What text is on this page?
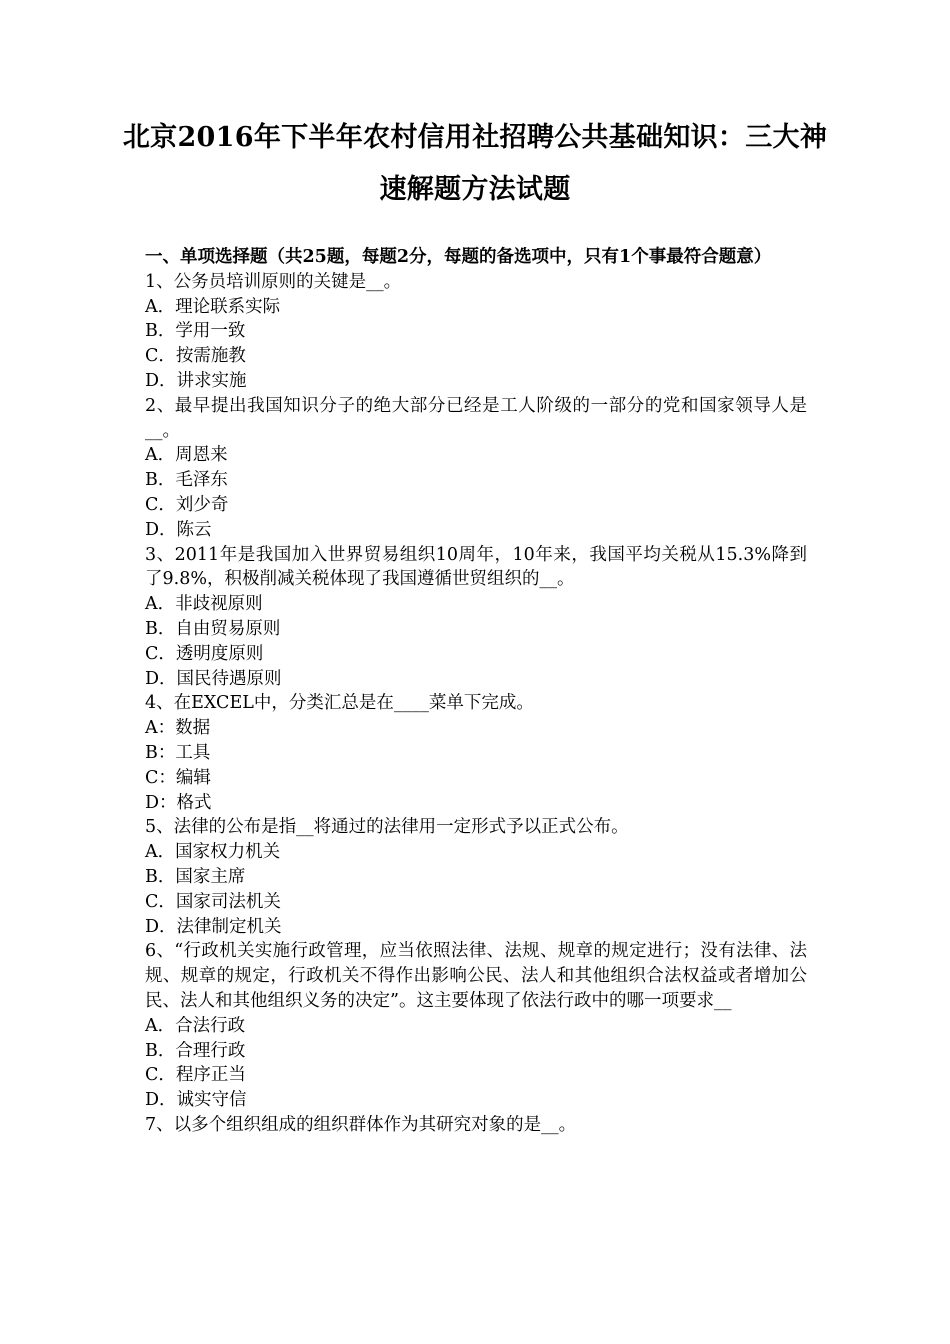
北京2016年下半年农村信用社招聘公共基础知识：三大神
速解题方法试题
一、单项选择题（共25题，每题2分，每题的备选项中，只有1个事最符合题意）
1、公务员培训原则的关键是__。
A．理论联系实际
B．学用一致
C．按需施教
D．讲求实施
2、最早提出我国知识分子的绝大部分已经是工人阶级的一部分的党和国家领导人是__。
A．周恩来
B．毛泽东
C．刘少奇
D．陈云
3、2011年是我国加入世界贸易组织10周年，10年来，我国平均关税从15.3%降到了9.8%，积极削减关税体现了我国遵循世贸组织的__。
A．非歧视原则
B．自由贸易原则
C．透明度原则
D．国民待遇原则
4、在EXCEL中，分类汇总是在____菜单下完成。
A：数据
B：工具
C：编辑
D：格式
5、法律的公布是指__将通过的法律用一定形式予以正式公布。
A．国家权力机关
B．国家主席
C．国家司法机关
D．法律制定机关
6、“行政机关实施行政管理，应当依照法律、法规、规章的规定进行；没有法律、法规、规章的规定，行政机关不得作出影响公民、法人和其他组织合法权益或者增加公民、法人和其他组织义务的决定”。这主要体现了依法行政中的哪一项要求__
A．合法行政
B．合理行政
C．程序正当
D．诚实守信
7、以多个组织组成的组织群体作为其研究对象的是__。
